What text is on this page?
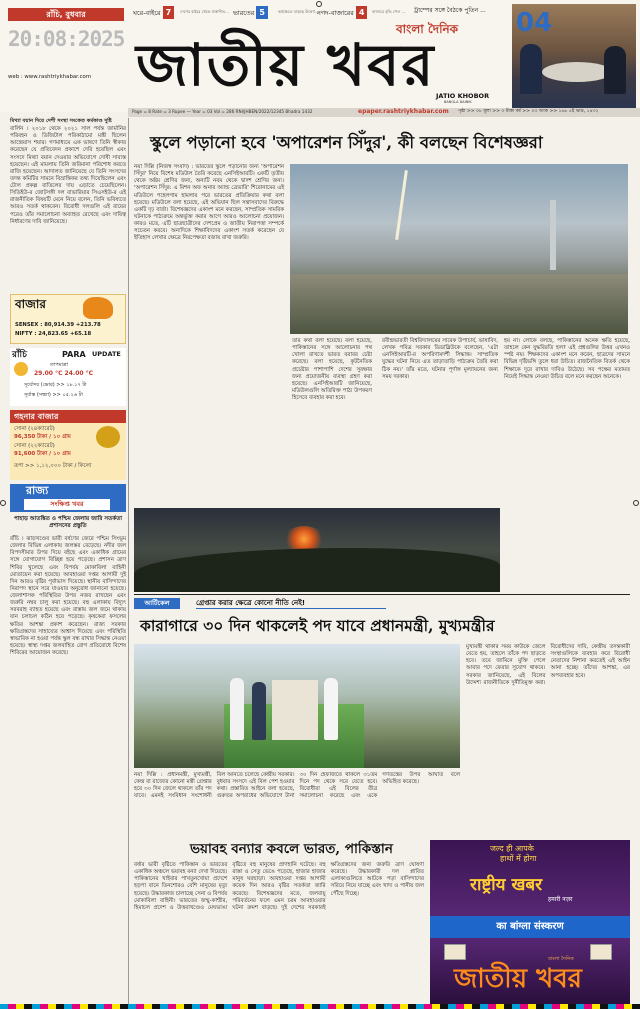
রাঁচি, বুধবার
20:08:2025
web : www.rashtriykhabar.com
ঘরে-বাইরে 7	দেশের বাইরে থেকে প্রকাশিত... ভারতের 5	কর্মক্ষেত্রে বাড়ছে উদ্বেগ...
নগদ-বাজারের 4	বাজারে বৃদ্ধি পেল ...	ট্রাম্পের সঙ্গে বৈঠকে পুতিন ...
জাতীয় খবর
বাংলা দৈনিক
JATIO KHOBOR
BANGLA DAINIK
04
Page = 8 Rate = 3 Rupee — Year = 03 Vol = 286 RNI/JHBEN/2022/12345 Bhadra 1432	epaper.rashtriykhabar.com পৃষ্ঠা >> ০৮ মূল্য >> ৩ টাকা বর্ষ >> ০৩ অংক >> ১৬৮ ৫ই ভাদ্র, ১৪৩২
মিথ্যা বয়ান দিয়ে দেশী সংস্থা সংকেত কর্মকাণ্ড দুষ্টি
বার্লিন । ২০১৮ থেকে ২০২১ সাল পর্যন্ত জার্মানির পরিবহন ও ডিজিটাল পরিকাঠামো মন্ত্রী ছিলেন আন্দ্রেয়াস শয়ার। গণমাধ্যমে এক ভাষণে তিনি স্বীকার করেছেন যে প্রতিবেদন প্রকাশে দেরি হয়েছিল এবং সংসদে মিথ্যা বয়ান দেওয়ার অভিযোগে দোষী সাব্যস্ত হয়েছেন। এই মামলায় তিনি জরিমানা পরিশোধ করতে রাজি হয়েছেন। আদালত জানিয়েছে যে তিনি সংসদের তদন্ত কমিটির সামনে বিভ্রান্তিকর তথ্য দিয়েছিলেন এবং টোল প্রকল্প বাতিলের দায় এড়াতে চেয়েছিলেন। সিডিইউ-র জোটসঙ্গী দল বাভারিয়ার সিএসইউ-র এই রাজনীতিক বিষয়টি মেনে নিয়ে বলেন, তিনি ভবিষ্যতে আরও সতর্ক থাকবেন। বিরোধী দলগুলি এই রায়ের পরেও তাঁর সমালোচনা অব্যাহত রেখেছে এবং দায়িত্ব নির্ধারণের দাবি জানিয়েছে।
বাজার
SENSEX : 80,914.39 +213.78
NIFTY : 24,823.65 +65.18
রাঁচি	PARA UPDATE
তাপমাত্রা
29.00 °C 24.00 °C
সূর্যোদয় (ভোর) >> ১৮.১৭ টা
সূর্যাস্ত (সন্ধ্যা) >> ০৫.২৬ টা
গহনার বাজার
সোনা (২৪ক্যারেট)
96,350 টাকা / ১০ গ্রাম
সোনা (২২ক্যারেট)
91,600 টাকা / ১০ গ্রাম
রূপা >> ১,১২,০০০ টাকা / কিলো
রাজ্য
সংক্ষিপ্ত খবর
পাহাড় আতঙ্কিত ও পশ্চিম জেলায় জারি সতর্কতা প্রশাসনের প্রস্তুতি
রাঁচি । ঝাড়খণ্ডের ভারী বর্ষণের জেরে পশ্চিম সিংভূম জেলার বিভিন্ন এলাকায় জলস্তর বেড়েছে। নদীর জল বিপদসীমার উপর দিয়ে বইছে এবং একাধিক গ্রামের সঙ্গে যোগাযোগ বিচ্ছিন্ন হয়ে পড়েছে। প্রশাসন ত্রাণ শিবির খুলেছে এবং বিপর্যয় মোকাবিলা বাহিনী মোতায়েন করা হয়েছে। আবহাওয়া দপ্তর আগামী দুই দিন আরও বৃষ্টির পূর্বাভাস দিয়েছে। স্থানীয় বাসিন্দাদের নিরাপদ স্থানে সরে যাওয়ার অনুরোধ জানানো হয়েছে। জেলাশাসক পরিস্থিতির উপর নজর রাখছেন এবং জরুরি নম্বর চালু করা হয়েছে। বহু এলাকায় বিদ্যুৎ সরবরাহ ব্যাহত হয়েছে এবং রাস্তায় জল জমে থাকায় যান চলাচল কঠিন হয়ে পড়েছে। কৃষকেরা ফসলের ক্ষতির আশঙ্কা প্রকাশ করেছেন। রাজ্য সরকার ক্ষতিগ্রস্তদের সাহায্যের আশ্বাস দিয়েছে এবং পরিস্থিতি স্বাভাবিক না হওয়া পর্যন্ত স্কুল বন্ধ রাখার সিদ্ধান্ত নেওয়া হয়েছে। স্বাস্থ্য দপ্তর জলবাহিত রোগ প্রতিরোধে বিশেষ শিবিরের আয়োজন করেছে।
স্কুলে পড়ানো হবে 'অপারেশন সিঁদুর', কী বলছেন বিশেষজ্ঞরা
নয়া দিল্লি (নিজস্ব সংবাদ) : ভারতের স্কুলে পড়ানোর জন্য 'অপারেশন সিঁদুর' নিয়ে বিশেষ মডিউল তৈরি করেছে এনসিইআরটি। একটি তৃতীয় থেকে অষ্টম শ্রেণির জন্য, অন্যটি নবম থেকে দ্বাদশ শ্রেণির জন্য। 'অপারেশন সিঁদুর: এ মিশন অফ অনার অ্যান্ড ব্রেভারি' শিরোনামের এই মডিউলে পহেলগাম হামলার পরে ভারতের প্রতিক্রিয়ার কথা বলা হয়েছে। মডিউলে বলা হয়েছে, এই অভিযান ছিল সন্ত্রাসবাদের বিরুদ্ধে একটি দৃঢ় বার্তা। বিশেষজ্ঞদের একাংশ মনে করছেন, সাম্প্রতিক সামরিক ঘটনাকে পাঠ্যক্রমে অন্তর্ভুক্ত করার আগে আরও আলোচনা প্রয়োজন। কারও মতে, এটি ছাত্রছাত্রীদের দেশপ্রেম ও জাতীয় নিরাপত্তা সম্পর্কে সচেতন করবে। অন্যদিকে শিক্ষাবিদদের একাংশ সতর্ক করেছেন যে ইতিহাস লেখার ক্ষেত্রে নিরপেক্ষতা বজায় রাখা জরুরি।
তার কথা বলা হয়েছে। বলা হয়েছে, পাকিস্তানের সঙ্গে আলোচনার পথ খোলা রাখতে ভারত বরাবর চেষ্টা করেছে। বলা হয়েছে, কূটনৈতিক প্রচেষ্টার পাশাপাশি দেশের সুরক্ষার জন্য প্রয়োজনীয় ব্যবস্থা গ্রহণ করা হয়েছে। এনসিইআরটি জানিয়েছে, মডিউলগুলি অতিরিক্ত পাঠ্য উপকরণ হিসেবে ব্যবহার করা হবে।
রবীন্দ্রভারতী বিশ্ববিদ্যালয়ের সাবেক উপাচার্য, ভাষাবিদ, লেখক পবিত্র সরকার ডিডাব্লিউকে বলেছেন, 'এটা এনসিইআরটি-র অপরিণামদর্শী সিদ্ধান্ত। সাম্প্রতিক যুদ্ধের ঘটনা নিয়ে এত তাড়াতাড়ি পাঠ্যক্রম তৈরি করা ঠিক নয়।' তাঁর মতে, ঘটনার পূর্ণাঙ্গ মূল্যায়নের জন্য সময় দরকার।
হয় না। লোকে বলছে, পাকিস্তানের অনেক ক্ষতি হয়েছে, তাহলে কেন যুদ্ধবিরতি হল? এই প্রশ্নগুলির উত্তর এখনও স্পষ্ট নয়। শিক্ষকদের একাংশ মনে করেন, ছাত্রদের সামনে বিভিন্ন দৃষ্টিভঙ্গি তুলে ধরা উচিত। রাজনৈতিক বিতর্ক থেকে শিক্ষাকে দূরে রাখার দাবিও উঠেছে। সব পক্ষের মতামত নিয়েই সিদ্ধান্ত নেওয়া উচিত বলে মনে করছেন অনেকে।
আর্টিকেল	গ্রেপ্তার করার ক্ষেত্রে কোনো নীতি নেই!
কারাগারে ৩০ দিন থাকলেই পদ যাবে প্রধানমন্ত্রী, মুখ্যমন্ত্রীর
নয়া দিল্লি : প্রধানমন্ত্রী, মুখ্যমন্ত্রী, কেন্দ্র বা রাজ্যের কোনো মন্ত্রী গ্রেপ্তার হয়ে ৩০ দিন জেলে থাকলে তাঁর পদ যাবে। এমনই সংবিধান সংশোধনী বিল আনতে চলেছে কেন্দ্রীয় সরকার। বুধবার সংসদে এই বিল পেশ হওয়ার কথা। প্রস্তাবিত আইনে বলা হয়েছে, গুরুতর অপরাধের অভিযোগে টানা ৩০ দিন হেফাজতে থাকলে ৩১তম দিনে পদ থেকে সরে যেতে হবে। বিরোধীরা এই বিলের তীব্র সমালোচনা করেছে এবং একে গণতন্ত্রের উপর আঘাত বলে অভিহিত করেছে।
মুখ্যমন্ত্রী থাকার সময় কাউকে জেলে যেতে হয়, তাহলে তাঁকে পদ ছাড়তে হবে। তবে জামিনে মুক্তি পেলে আবার পদে ফেরার সুযোগ থাকবে। সরকার জানিয়েছে, এই বিলের উদ্দেশ্য রাজনীতিকে দুর্নীতিমুক্ত করা। বিরোধীদের দাবি, কেন্দ্রীয় তদন্তকারী সংস্থাগুলিকে ব্যবহার করে বিরোধী নেতাদের নিশানা করতেই এই আইন আনা হচ্ছে। তাঁদের আশঙ্কা, এর অপব্যবহার হবে।
ভয়াবহ বন্যার কবলে ভারত, পাকিস্তান
বর্ষার ভারী বৃষ্টিতে পাকিস্তান ও ভারতের একাধিক অঞ্চলে ভয়াবহ বন্যা দেখা দিয়েছে। পাকিস্তানের খাইবার পাখতুনখোয়া প্রদেশে হড়পা বানে তিনশোরও বেশি মানুষের মৃত্যু হয়েছে। উদ্ধারকাজ চালাচ্ছে সেনা ও বিপর্যয় মোকাবিলা বাহিনী। ভারতের জম্মু-কাশ্মীর, হিমাচল প্রদেশ ও উত্তরাখণ্ডেও মেঘভাঙা বৃষ্টিতে বহু মানুষের প্রাণহানি ঘটেছে। বহু রাস্তা ও সেতু ভেঙে পড়েছে, হাজার হাজার মানুষ ঘরছাড়া। আবহাওয়া দপ্তর আগামী কয়েক দিন আরও বৃষ্টির সতর্কতা জারি করেছে। বিশেষজ্ঞদের মতে, জলবায়ু পরিবর্তনের ফলে এমন চরম আবহাওয়ার ঘটনা ক্রমশ বাড়ছে। দুই দেশের সরকারই ক্ষতিগ্রস্তদের জন্য জরুরি ত্রাণ ঘোষণা করেছে। উদ্ধারকারী দল প্লাবিত এলাকাগুলিতে আটকে পড়া বাসিন্দাদের সরিয়ে নিয়ে যাচ্ছে এবং খাদ্য ও পানীয় জল পৌঁছে দিচ্ছে।
जल्द ही आपके
हाथों में होगा
राष्ट्रीय खबर
हमारी नज़र
का बांग्ला संस्करण
বাংলা দৈনিক
জাতীয় খবর
